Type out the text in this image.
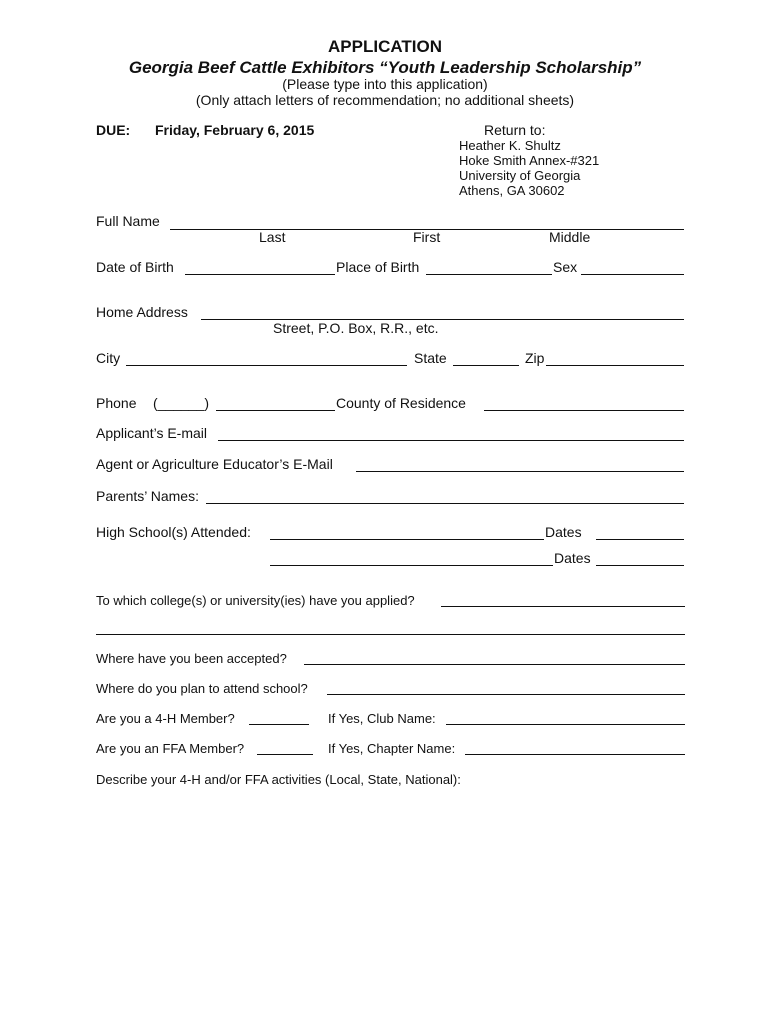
APPLICATION
Georgia Beef Cattle Exhibitors “Youth Leadership Scholarship”
(Please type into this application)
(Only attach letters of recommendation; no additional sheets)
DUE: Friday, February 6, 2015	Return to:
Heather K. Shultz
Hoke Smith Annex-#321
University of Georgia
Athens, GA 30602
Full Name
Last	First	Middle
Date of Birth	Place of Birth	Sex
Home Address
Street, P.O. Box, R.R., etc.
City	State	Zip
Phone (______)	County of Residence
Applicant’s E-mail
Agent or Agriculture Educator’s E-Mail
Parents’ Names:
High School(s) Attended:	Dates
Dates
To which college(s) or university(ies) have you applied?
Where have you been accepted?
Where do you plan to attend school?
Are you a 4-H Member?	If Yes, Club Name:
Are you an FFA Member?	If Yes, Chapter Name:
Describe your 4-H and/or FFA activities (Local, State, National):
